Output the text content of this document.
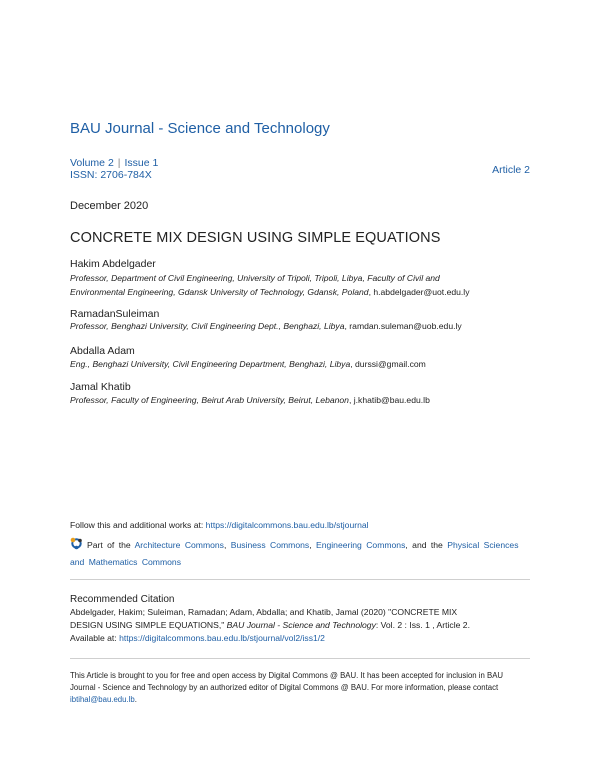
BAU Journal - Science and Technology
Volume 2 | Issue 1
ISSN: 2706-784X	Article 2
December 2020
CONCRETE MIX DESIGN USING SIMPLE EQUATIONS
Hakim Abdelgader
Professor, Department of Civil Engineering, University of Tripoli, Tripoli, Libya, Faculty of Civil and
Environmental Engineering, Gdansk University of Technology, Gdansk, Poland, h.abdelgader@uot.edu.ly
RamadanSuleiman
Professor, Benghazi University, Civil Engineering Dept., Benghazi, Libya, ramdan.suleman@uob.edu.ly
Abdalla Adam
Eng., Benghazi University, Civil Engineering Department, Benghazi, Libya, durssi@gmail.com
Jamal Khatib
Professor, Faculty of Engineering, Beirut Arab University, Beirut, Lebanon, j.khatib@bau.edu.lb
Follow this and additional works at: https://digitalcommons.bau.edu.lb/stjournal
Part of the Architecture Commons, Business Commons, Engineering Commons, and the Physical Sciences and Mathematics Commons
Recommended Citation
Abdelgader, Hakim; Suleiman, Ramadan; Adam, Abdalla; and Khatib, Jamal (2020) "CONCRETE MIX
DESIGN USING SIMPLE EQUATIONS," BAU Journal - Science and Technology: Vol. 2 : Iss. 1 , Article 2.
Available at: https://digitalcommons.bau.edu.lb/stjournal/vol2/iss1/2
This Article is brought to you for free and open access by Digital Commons @ BAU. It has been accepted for inclusion in BAU Journal - Science and Technology by an authorized editor of Digital Commons @ BAU. For more information, please contact ibtihal@bau.edu.lb.
